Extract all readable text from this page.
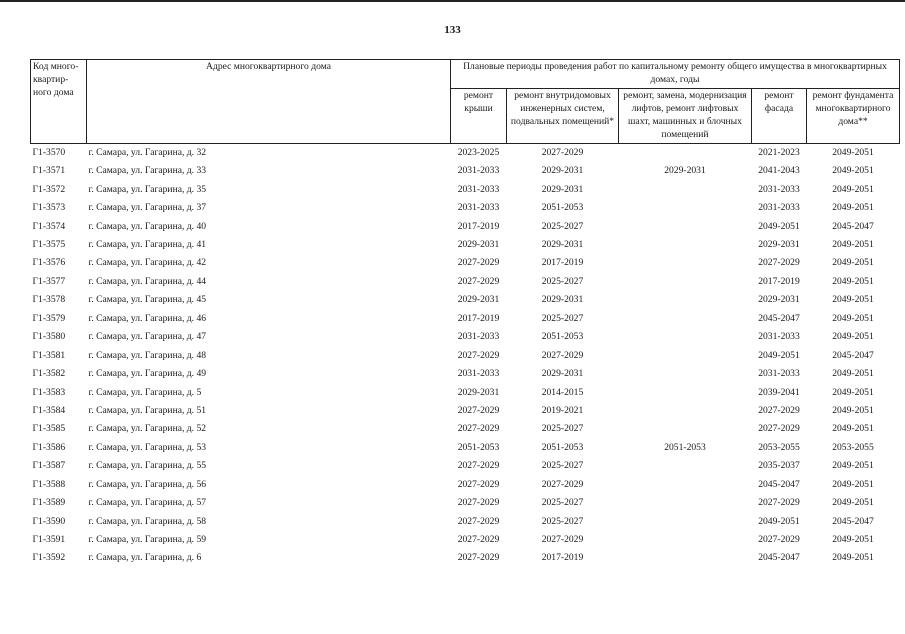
133
Код много-квартир-ного дома	Адрес многоквартирного дома	Плановые периоды проведения работ по капитальному ремонту общего имущества в многоквартирных домах, годы				
		ремонт крыши	ремонт внутридомовых инженерных систем, подвальных помещений*	ремонт, замена, модернизация лифтов, ремонт лифтовых шахт, машинных и блочных помещений	ремонт фасада	ремонт фундамента многоквартирного дома**
Г1-3570	г. Самара, ул. Гагарина, д. 32	2023-2025	2027-2029		2021-2023	2049-2051
Г1-3571	г. Самара, ул. Гагарина, д. 33	2031-2033	2029-2031	2029-2031	2041-2043	2049-2051
Г1-3572	г. Самара, ул. Гагарина, д. 35	2031-2033	2029-2031		2031-2033	2049-2051
Г1-3573	г. Самара, ул. Гагарина, д. 37	2031-2033	2051-2053		2031-2033	2049-2051
Г1-3574	г. Самара, ул. Гагарина, д. 40	2017-2019	2025-2027		2049-2051	2045-2047
Г1-3575	г. Самара, ул. Гагарина, д. 41	2029-2031	2029-2031		2029-2031	2049-2051
Г1-3576	г. Самара, ул. Гагарина, д. 42	2027-2029	2017-2019		2027-2029	2049-2051
Г1-3577	г. Самара, ул. Гагарина, д. 44	2027-2029	2025-2027		2017-2019	2049-2051
Г1-3578	г. Самара, ул. Гагарина, д. 45	2029-2031	2029-2031		2029-2031	2049-2051
Г1-3579	г. Самара, ул. Гагарина, д. 46	2017-2019	2025-2027		2045-2047	2049-2051
Г1-3580	г. Самара, ул. Гагарина, д. 47	2031-2033	2051-2053		2031-2033	2049-2051
Г1-3581	г. Самара, ул. Гагарина, д. 48	2027-2029	2027-2029		2049-2051	2045-2047
Г1-3582	г. Самара, ул. Гагарина, д. 49	2031-2033	2029-2031		2031-2033	2049-2051
Г1-3583	г. Самара, ул. Гагарина, д. 5	2029-2031	2014-2015		2039-2041	2049-2051
Г1-3584	г. Самара, ул. Гагарина, д. 51	2027-2029	2019-2021		2027-2029	2049-2051
Г1-3585	г. Самара, ул. Гагарина, д. 52	2027-2029	2025-2027		2027-2029	2049-2051
Г1-3586	г. Самара, ул. Гагарина, д. 53	2051-2053	2051-2053	2051-2053	2053-2055	2053-2055
Г1-3587	г. Самара, ул. Гагарина, д. 55	2027-2029	2025-2027		2035-2037	2049-2051
Г1-3588	г. Самара, ул. Гагарина, д. 56	2027-2029	2027-2029		2045-2047	2049-2051
Г1-3589	г. Самара, ул. Гагарина, д. 57	2027-2029	2025-2027		2027-2029	2049-2051
Г1-3590	г. Самара, ул. Гагарина, д. 58	2027-2029	2025-2027		2049-2051	2045-2047
Г1-3591	г. Самара, ул. Гагарина, д. 59	2027-2029	2027-2029		2027-2029	2049-2051
Г1-3592	г. Самара, ул. Гагарина, д. 6	2027-2029	2017-2019		2045-2047	2049-2051
